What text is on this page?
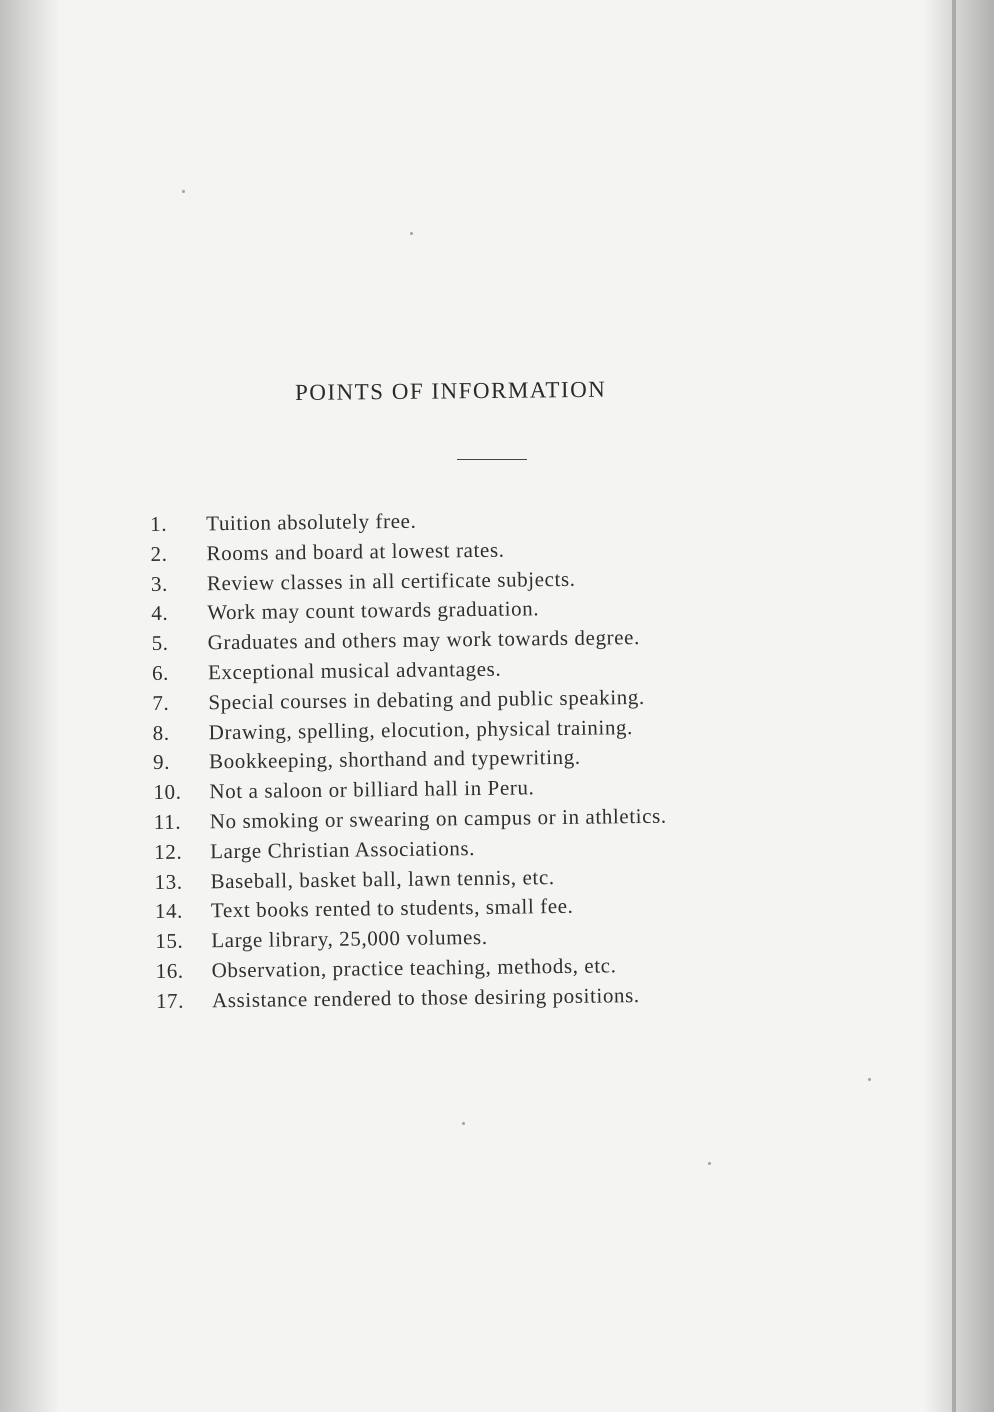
POINTS OF INFORMATION
1. Tuition absolutely free.
2. Rooms and board at lowest rates.
3. Review classes in all certificate subjects.
4. Work may count towards graduation.
5. Graduates and others may work towards degree.
6. Exceptional musical advantages.
7. Special courses in debating and public speaking.
8. Drawing, spelling, elocution, physical training.
9. Bookkeeping, shorthand and typewriting.
10. Not a saloon or billiard hall in Peru.
11. No smoking or swearing on campus or in athletics.
12. Large Christian Associations.
13. Baseball, basket ball, lawn tennis, etc.
14. Text books rented to students, small fee.
15. Large library, 25,000 volumes.
16. Observation, practice teaching, methods, etc.
17. Assistance rendered to those desiring positions.
